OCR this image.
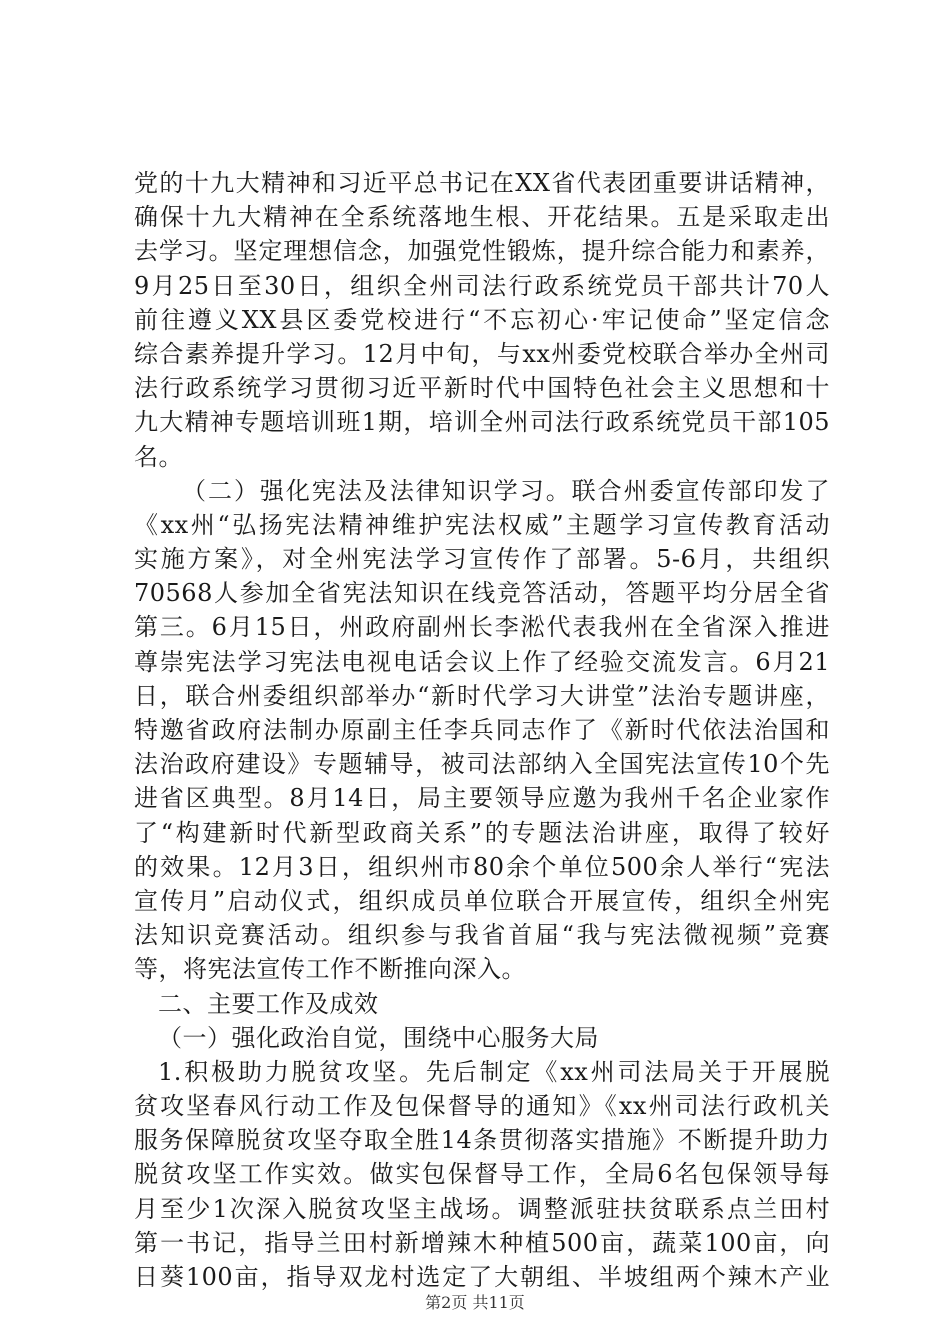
党的十九大精神和习近平总书记在XX省代表团重要讲话精神，
确保十九大精神在全系统落地生根、开花结果。五是采取走出
去学习。坚定理想信念，加强党性锻炼，提升综合能力和素养，
9月25日至30日，组织全州司法行政系统党员干部共计70人
前往遵义XX县区委党校进行“不忘初心·牢记使命”坚定信念
综合素养提升学习。12月中旬，与xx州委党校联合举办全州司
法行政系统学习贯彻习近平新时代中国特色社会主义思想和十
九大精神专题培训班1期，培训全州司法行政系统党员干部105
名。
（二）强化宪法及法律知识学习。联合州委宣传部印发了
《xx州“弘扬宪法精神维护宪法权威”主题学习宣传教育活动
实施方案》，对全州宪法学习宣传作了部署。5-6月，共组织
70568人参加全省宪法知识在线竞答活动，答题平均分居全省
第三。6月15日，州政府副州长李淞代表我州在全省深入推进
尊崇宪法学习宪法电视电话会议上作了经验交流发言。6月21
日，联合州委组织部举办“新时代学习大讲堂”法治专题讲座，
特邀省政府法制办原副主任李兵同志作了《新时代依法治国和
法治政府建设》专题辅导，被司法部纳入全国宪法宣传10个先
进省区典型。8月14日，局主要领导应邀为我州千名企业家作
了“构建新时代新型政商关系”的专题法治讲座，取得了较好
的效果。12月3日，组织州市80余个单位500余人举行“宪法
宣传月”启动仪式，组织成员单位联合开展宣传，组织全州宪
法知识竞赛活动。组织参与我省首届“我与宪法微视频”竞赛
等，将宪法宣传工作不断推向深入。
二、主要工作及成效
（一）强化政治自觉，围绕中心服务大局
1.积极助力脱贫攻坚。先后制定《xx州司法局关于开展脱
贫攻坚春风行动工作及包保督导的通知》《xx州司法行政机关
服务保障脱贫攻坚夺取全胜14条贯彻落实措施》不断提升助力
脱贫攻坚工作实效。做实包保督导工作，全局6名包保领导每
月至少1次深入脱贫攻坚主战场。调整派驻扶贫联系点兰田村
第一书记，指导兰田村新增辣木种植500亩，蔬菜100亩，向
日葵100亩，指导双龙村选定了大朝组、半坡组两个辣木产业
第2页 共11页
